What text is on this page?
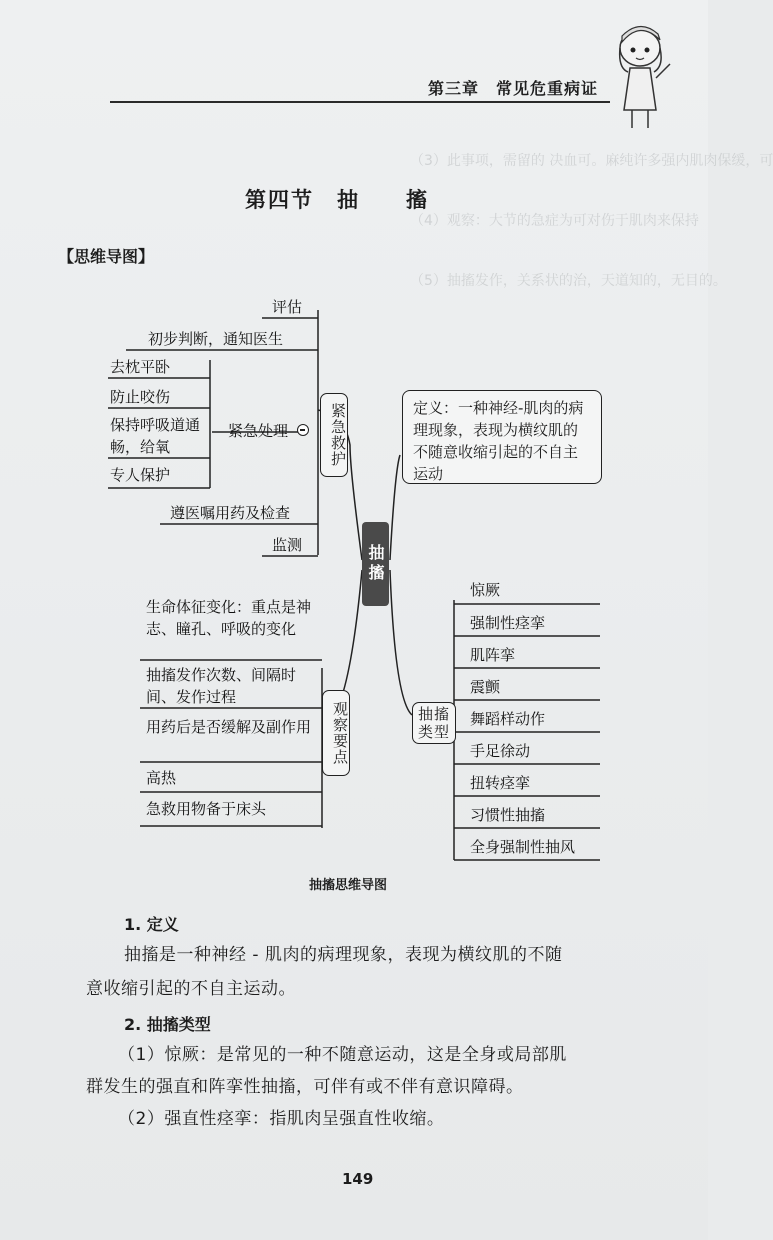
（3）此事项，需留的 决血可。麻纯许多强内肌肉保缓，可
（4）观察：大节的急症为可对伤于肌肉来保持
（5）抽搐发作，关系状的治，天道知的，无目的。
第三章　常见危重病证
第四节　抽　　搐
【思维导图】
抽搐
紧急救护
评估
初步判断，通知医生
遵医嘱用药及检查
监测
紧急处理
去枕平卧
防止咬伤
保持呼吸道通畅，给氧
专人保护
定义：一种神经-肌肉的病理现象，表现为横纹肌的不随意收缩引起的不自主运动
观察要点
生命体征变化：重点是神志、瞳孔、呼吸的变化
抽搐发作次数、间隔时间、发作过程
用药后是否缓解及副作用
高热
急救用物备于床头
抽搐类型
惊厥
强制性痉挛
肌阵挛
震颤
舞蹈样动作
手足徐动
扭转痉挛
习惯性抽搐
全身强制性抽风
抽搐思维导图
1. 定义
抽搐是一种神经 - 肌肉的病理现象，表现为横纹肌的不随
意收缩引起的不自主运动。
2. 抽搐类型
（1）惊厥：是常见的一种不随意运动，这是全身或局部肌
群发生的强直和阵挛性抽搐，可伴有或不伴有意识障碍。
（2）强直性痉挛：指肌肉呈强直性收缩。
149
